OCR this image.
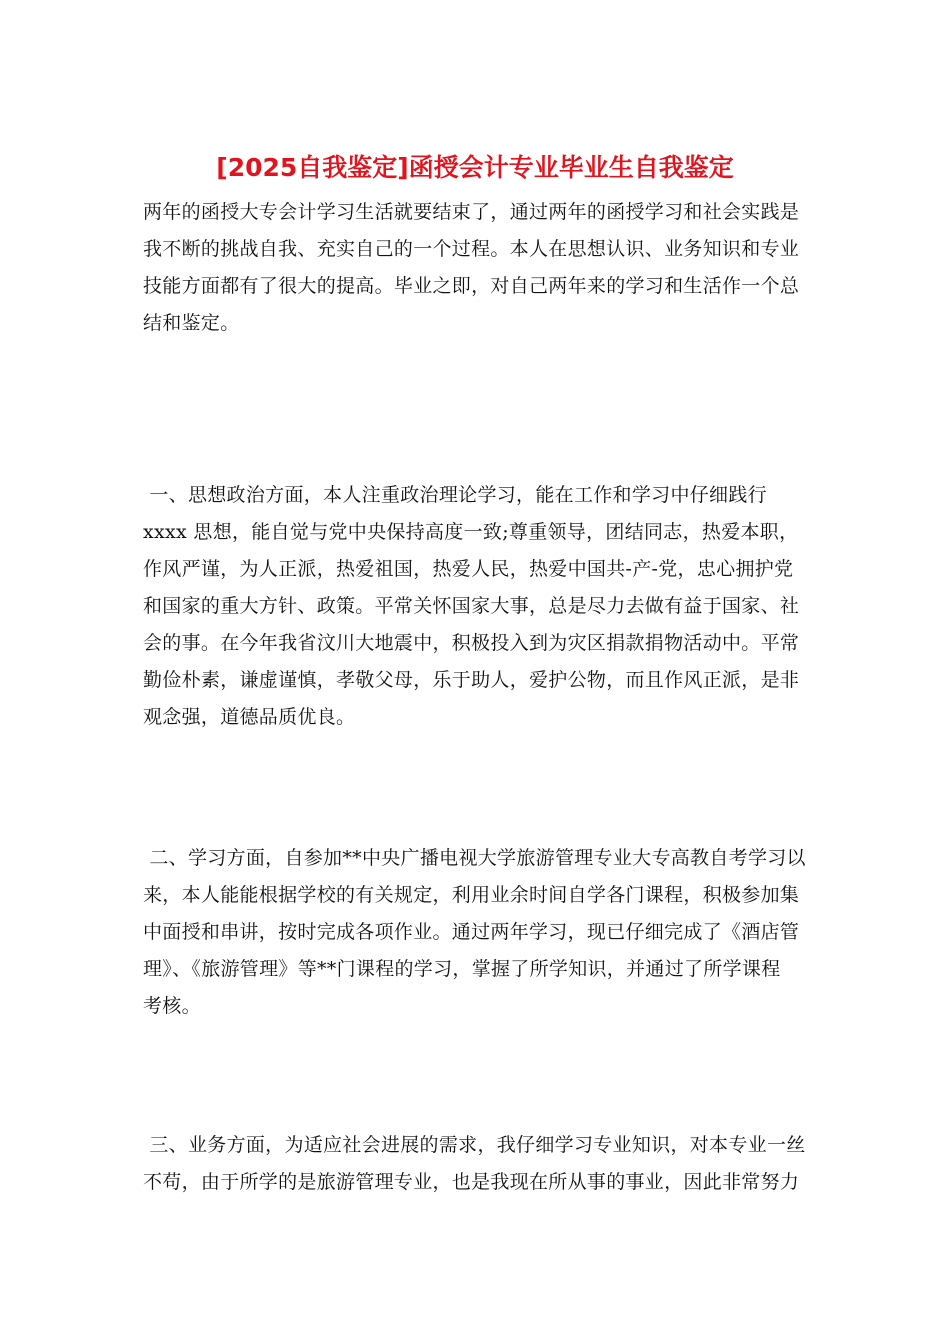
[2025自我鉴定]函授会计专业毕业生自我鉴定
两年的函授大专会计学习生活就要结束了，通过两年的函授学习和社会实践是
我不断的挑战自我、充实自己的一个过程。本人在思想认识、业务知识和专业
技能方面都有了很大的提高。毕业之即，对自己两年来的学习和生活作一个总
结和鉴定。
一、思想政治方面，本人注重政治理论学习，能在工作和学习中仔细践行
xxxx 思想，能自觉与党中央保持高度一致;尊重领导，团结同志，热爱本职，
作风严谨，为人正派，热爱祖国，热爱人民，热爱中国共-产-党，忠心拥护党
和国家的重大方针、政策。平常关怀国家大事，总是尽力去做有益于国家、社
会的事。在今年我省汶川大地震中，积极投入到为灾区捐款捐物活动中。平常
勤俭朴素，谦虚谨慎，孝敬父母，乐于助人，爱护公物，而且作风正派，是非
观念强，道德品质优良。
二、学习方面，自参加**中央广播电视大学旅游管理专业大专高教自考学习以
来，本人能能根据学校的有关规定，利用业余时间自学各门课程，积极参加集
中面授和串讲，按时完成各项作业。通过两年学习，现已仔细完成了《酒店管
理》、《旅游管理》等**门课程的学习，掌握了所学知识，并通过了所学课程
考核。
三、业务方面，为适应社会进展的需求，我仔细学习专业知识，对本专业一丝
不苟，由于所学的是旅游管理专业，也是我现在所从事的事业，因此非常努力
